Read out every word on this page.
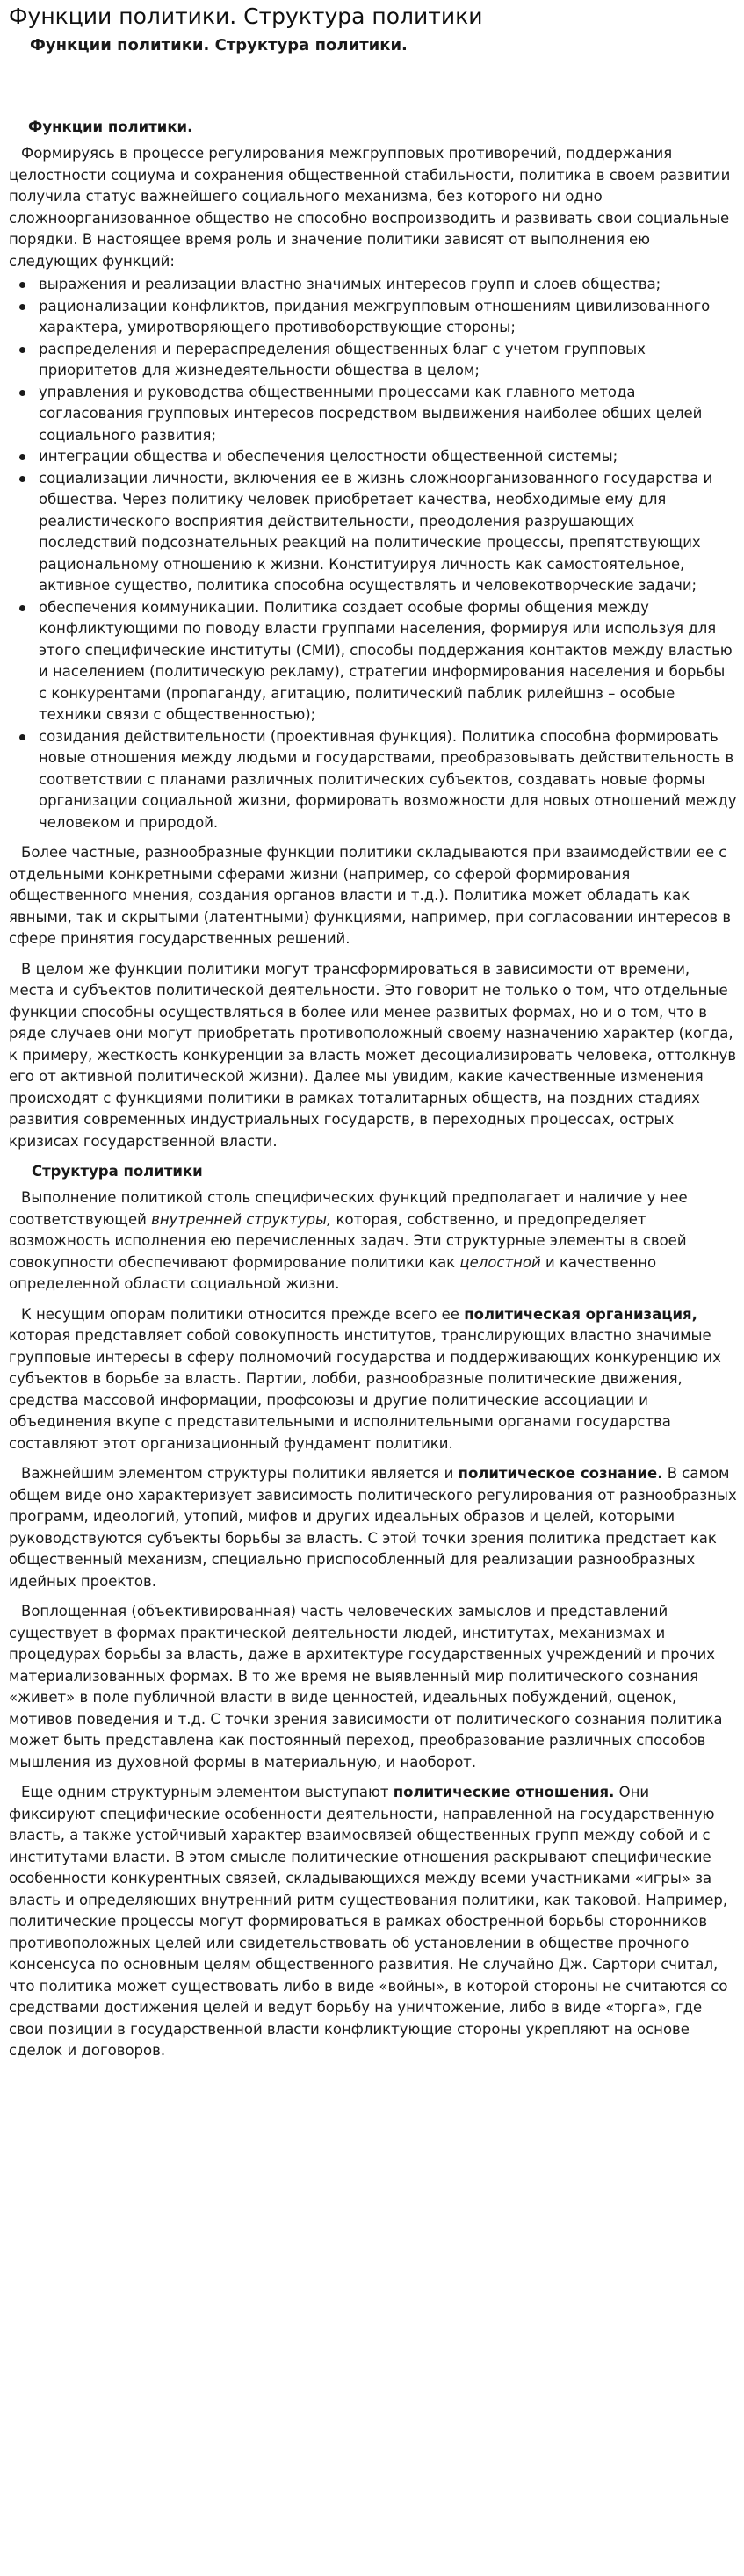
Функции политики. Структура политики
Функции политики. Структура политики.
Функции политики.

Формируясь в процессе регулирования межгрупповых противоречий, поддержания целостности социума и сохранения общественной стабильности, политика в своем развитии получила статус важнейшего социального механизма, без которого ни одно сложноорганизованное общество не способно воспроизводить и развивать свои социальные порядки. В настоящее время роль и значение политики зависят от выполнения ею следующих функций:

выражения и реализации властно значимых интересов групп и слоев общества;
рационализации конфликтов, придания межгрупповым отношениям цивилизованного характера, умиротворяющего противоборствующие стороны;
распределения и перераспределения общественных благ с учетом групповых приоритетов для жизнедеятельности общества в целом;
управления и руководства общественными процессами как главного метода согласования групповых интересов посредством выдвижения наиболее общих целей социального развития;
интеграции общества и обеспечения целостности общественной системы;
социализации личности, включения ее в жизнь сложноорганизованного государства и общества. Через политику человек приобретает качества, необходимые ему для реалистического восприятия действительности, преодоления разрушающих последствий подсознательных реакций на политические процессы, препятствующих рациональному отношению к жизни. Конституируя личность как самостоятельное, активное существо, политика способна осуществлять и человекотворческие задачи;
обеспечения коммуникации. Политика создает особые формы общения между конфликтующими по поводу власти группами населения, формируя или используя для этого специфические институты (СМИ), способы поддержания контактов между властью и населением (политическую рекламу), стратегии информирования населения и борьбы с конкурентами (пропаганду, агитацию, политический паблик рилейшнз – особые техники связи с общественностью);
созидания действительности (проективная функция). Политика способна формировать новые отношения между людьми и государствами, преобразовывать действительность в соответствии с планами различных политических субъектов, создавать новые формы организации социальной жизни, формировать возможности для новых отношений между человеком и природой.

Более частные, разнообразные функции политики складываются при взаимодействии ее с отдельными конкретными сферами жизни (например, со сферой формирования общественного мнения, создания органов власти и т.д.). Политика может обладать как явными, так и скрытыми (латентными) функциями, например, при согласовании интересов в сфере принятия государственных решений.

В целом же функции политики могут трансформироваться в зависимости от времени, места и субъектов политической деятельности. Это говорит не только о том, что отдельные функции способны осуществляться в более или менее развитых формах, но и о том, что в ряде случаев они могут приобретать противоположный своему назначению характер (когда, к примеру, жесткость конкуренции за власть может десоциализировать человека, оттолкнув его от активной политической жизни). Далее мы увидим, какие качественные изменения происходят с функциями политики в рамках тоталитарных обществ, на поздних стадиях развития современных индустриальных государств, в переходных процессах, острых кризисах государственной власти.

Структура политики

Выполнение политикой столь специфических функций предполагает и наличие у нее соответствующей внутренней структуры, которая, собственно, и предопределяет возможность исполнения ею перечисленных задач. Эти структурные элементы в своей совокупности обеспечивают формирование политики как целостной и качественно определенной области социальной жизни.

К несущим опорам политики относится прежде всего ее политическая организация, которая представляет собой совокупность институтов, транслирующих властно значимые групповые интересы в сферу полномочий государства и поддерживающих конкуренцию их субъектов в борьбе за власть. Партии, лобби, разнообразные политические движения, средства массовой информации, профсоюзы и другие политические ассоциации и объединения вкупе с представительными и исполнительными органами государства составляют этот организационный фундамент политики.

Важнейшим элементом структуры политики является и политическое сознание. В самом общем виде оно характеризует зависимость политического регулирования от разнообразных программ, идеологий, утопий, мифов и других идеальных образов и целей, которыми руководствуются субъекты борьбы за власть. С этой точки зрения политика предстает как общественный механизм, специально приспособленный для реализации разнообразных идейных проектов.

Воплощенная (объективированная) часть человеческих замыслов и представлений существует в формах практической деятельности людей, институтах, механизмах и процедурах борьбы за власть, даже в архитектуре государственных учреждений и прочих материализованных формах. В то же время не выявленный мир политического сознания «живет» в поле публичной власти в виде ценностей, идеальных побуждений, оценок, мотивов поведения и т.д. С точки зрения зависимости от политического сознания политика может быть представлена как постоянный переход, преобразование различных способов мышления из духовной формы в материальную, и наоборот.

Еще одним структурным элементом выступают политические отношения. Они фиксируют специфические особенности деятельности, направленной на государственную власть, а также устойчивый характер взаимосвязей общественных групп между собой и с институтами власти. В этом смысле политические отношения раскрывают специфические особенности конкурентных связей, складывающихся между всеми участниками «игры» за власть и определяющих внутренний ритм существования политики, как таковой. Например, политические процессы могут формироваться в рамках обостренной борьбы сторонников противоположных целей или свидетельствовать об установлении в обществе прочного консенсуса по основным целям общественного развития. Не случайно Дж. Сартори считал, что политика может существовать либо в виде «войны», в которой стороны не считаются со средствами достижения целей и ведут борьбу на уничтожение, либо в виде «торга», где свои позиции в государственной власти конфликтующие стороны укрепляют на основе сделок и договоров.
